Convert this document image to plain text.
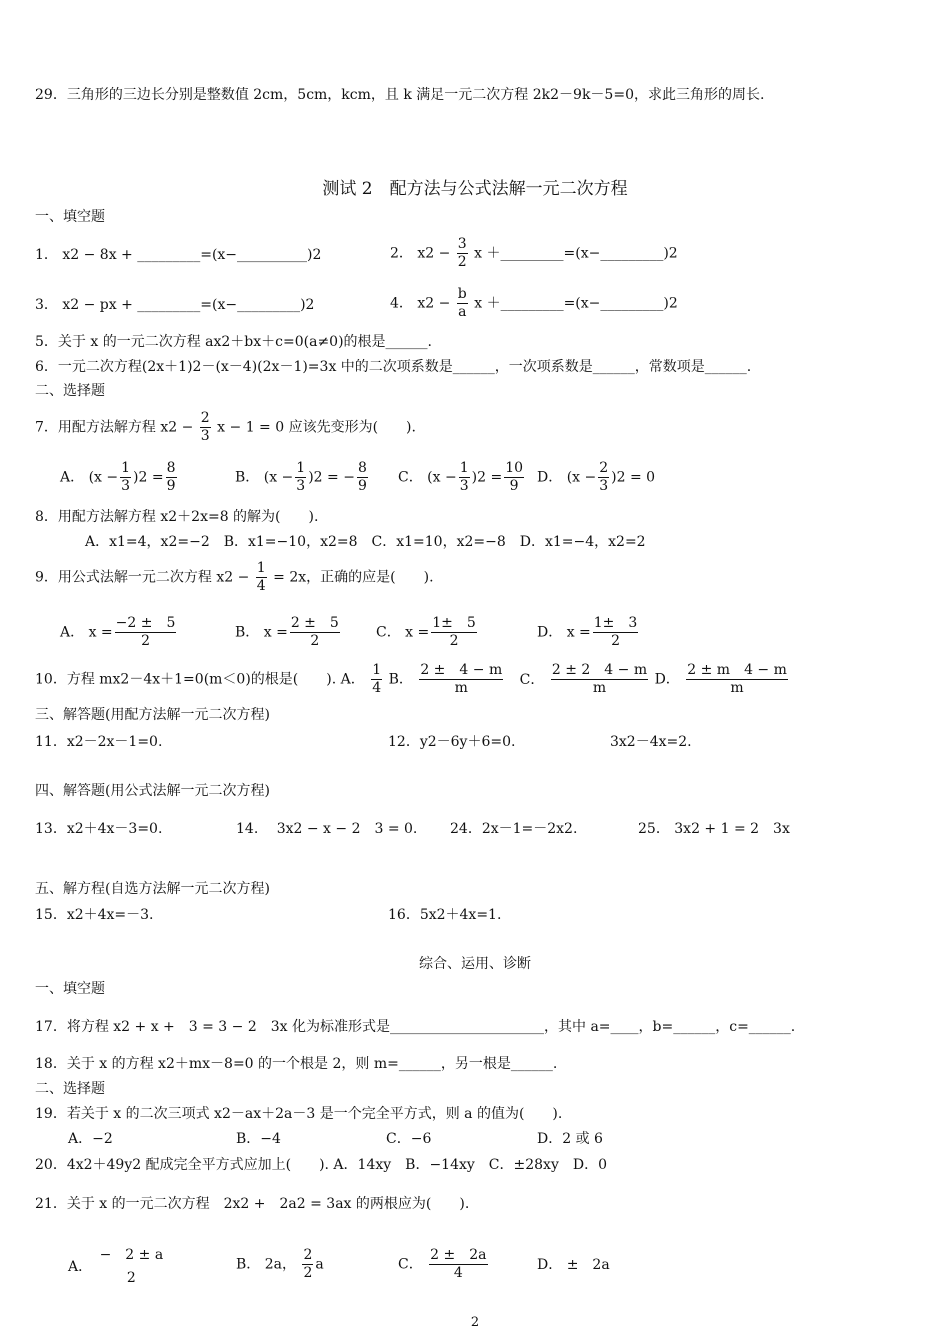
29．三角形的三边长分别是整数值 2cm，5cm，kcm，且 k 满足一元二次方程 2k2－9k－5=0，求此三角形的周长.
测试 2　配方法与公式法解一元二次方程
一、填空题
1． x2 − 8x + _________=(x−__________)2	2． $x2 - \frac{3}{2}$ x ＋_________=(x−_________)2
3． x2 − px + _________=(x−_________)2	4． $x2 - \frac{b}{a}$ x ＋_________=(x−_________)2
5．关于 x 的一元二次方程 ax2＋bx＋c=0(a≠0)的根是______.
6．一元二次方程(2x＋1)2－(x－4)(2x－1)=3x 中的二次项系数是______，一次项系数是______，常数项是______.
二、选择题
7．用配方法解方程 $x2 - \frac{2}{3}$ x − 1 = 0 应该先变形为(　　).
A． $(x - \frac{1}{3} )2 = \frac{8}{9}$	B． $(x - \frac{1}{3} )2$ = − $\frac{8}{9}$ C． $(x - \frac{1}{3} )2 = \frac{10}{9}$ D． $(x - \frac{2}{3} )2 = 0$
8．用配方法解方程 x2＋2x=8 的解为(　　).
A．x1=4，x2=−2　B．x1=−10，x2=8　C．x1=10，x2=−8　D．x1=−4，x2=2
9．用公式法解一元二次方程 $x2 - \frac{1}{4} = 2x$，正确的应是(　　).
A． $x = \frac{-2 \pm 5}{2}$	B． $x = \frac{2 \pm 5}{2}$	C． $x = \frac{1\pm 5}{2}$	D． $x = \frac{1\pm 3}{2}$
10．方程 mx2－4x＋1=0(m＜0)的根是(　　). A． $\frac{1}{4}$ B． $\frac{2 \pm 4 - m}{m}$ C． $\frac{2 \pm 2 4 - m}{m}$ D． $\frac{2 \pm m 4 - m}{m}$
三、解答题(用配方法解一元二次方程)
11．x2－2x－1=0.	12．y2－6y＋6=0.	3x2－4x=2.
四、解答题(用公式法解一元二次方程)
13．x2＋4x－3=0.	14.　 3x2 − x − 2　3 = 0. 24．2x－1=－2x2.	25． 3x2 + 1 = 2　3x
五、解方程(自选方法解一元二次方程)
15．x2＋4x=－3.	16．5x2＋4x=1.
综合、运用、诊断
一、填空题
17．将方程 x2 + x +　3 = 3 − 2　3x 化为标准形式是______________________，其中 a=____，b=______，c=______.
18．关于 x 的方程 x2＋mx－8=0 的一个根是 2，则 m=______，另一根是______.
二、选择题
19．若关于 x 的二次三项式 x2－ax＋2a－3 是一个完全平方式，则 a 的值为(　　).
A．−2	B．−4	C．−6	D．2 或 6
20．4x2＋49y2 配成完全平方式应加上(　　). A．14xy　B．−14xy　C．±28xy　D．0
21．关于 x 的一元二次方程　2x2 +　2a2 = 3ax 的两根应为(　　).
A．
−　2 ± a
2
B． 2a， $\frac{2}{2}$ a	C． $\frac{2 \pm 2a}{4}$	D． ±　2a
2
